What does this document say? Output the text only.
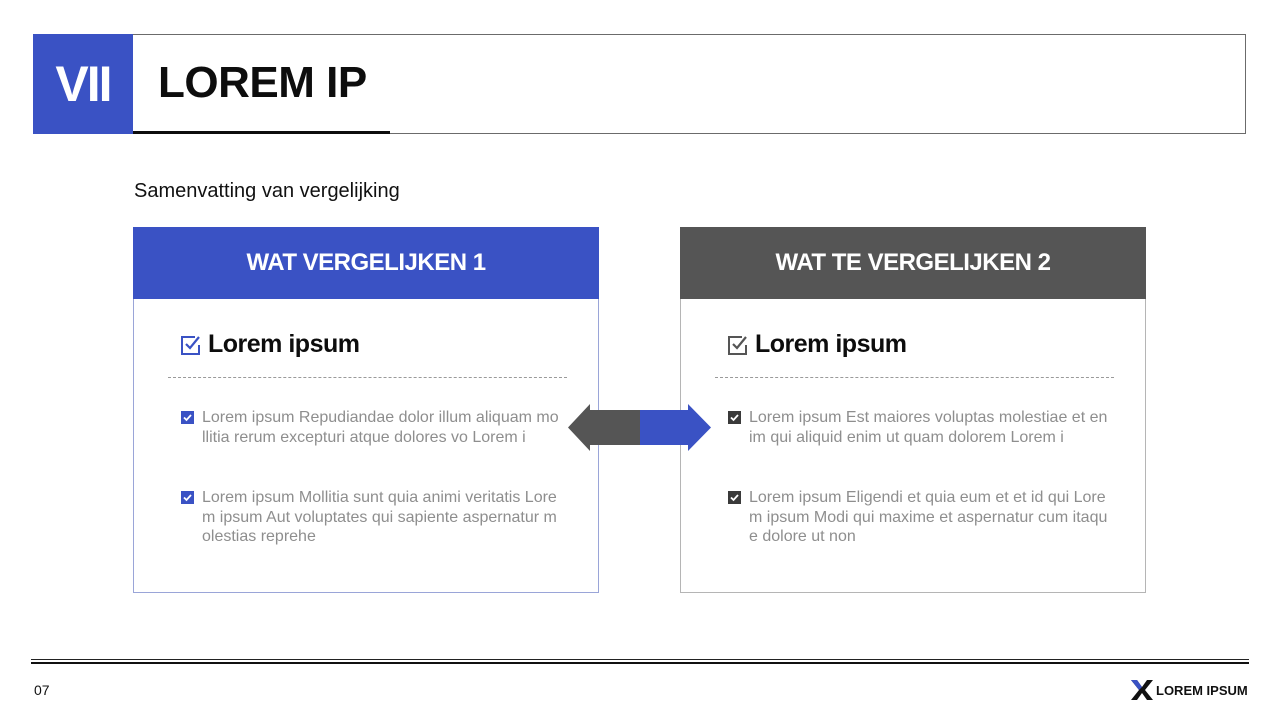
VII	LOREM IP
Samenvatting van vergelijking
WAT VERGELIJKEN 1
Lorem ipsum
Lorem ipsum Repudiandae dolor illum aliquam mollitia rerum excepturi atque dolores vo Lorem i
Lorem ipsum Mollitia sunt quia animi veritatis Lorem ipsum Aut voluptates qui sapiente aspernatur molestias reprehe
WAT TE VERGELIJKEN 2
Lorem ipsum
Lorem ipsum Est maiores voluptas molestiae et enim qui aliquid enim ut quam dolorem Lorem i
Lorem ipsum Eligendi et quia eum et et id qui Lorem ipsum Modi qui maxime et aspernatur cum itaque dolore ut non
07	LOREM IPSUM
